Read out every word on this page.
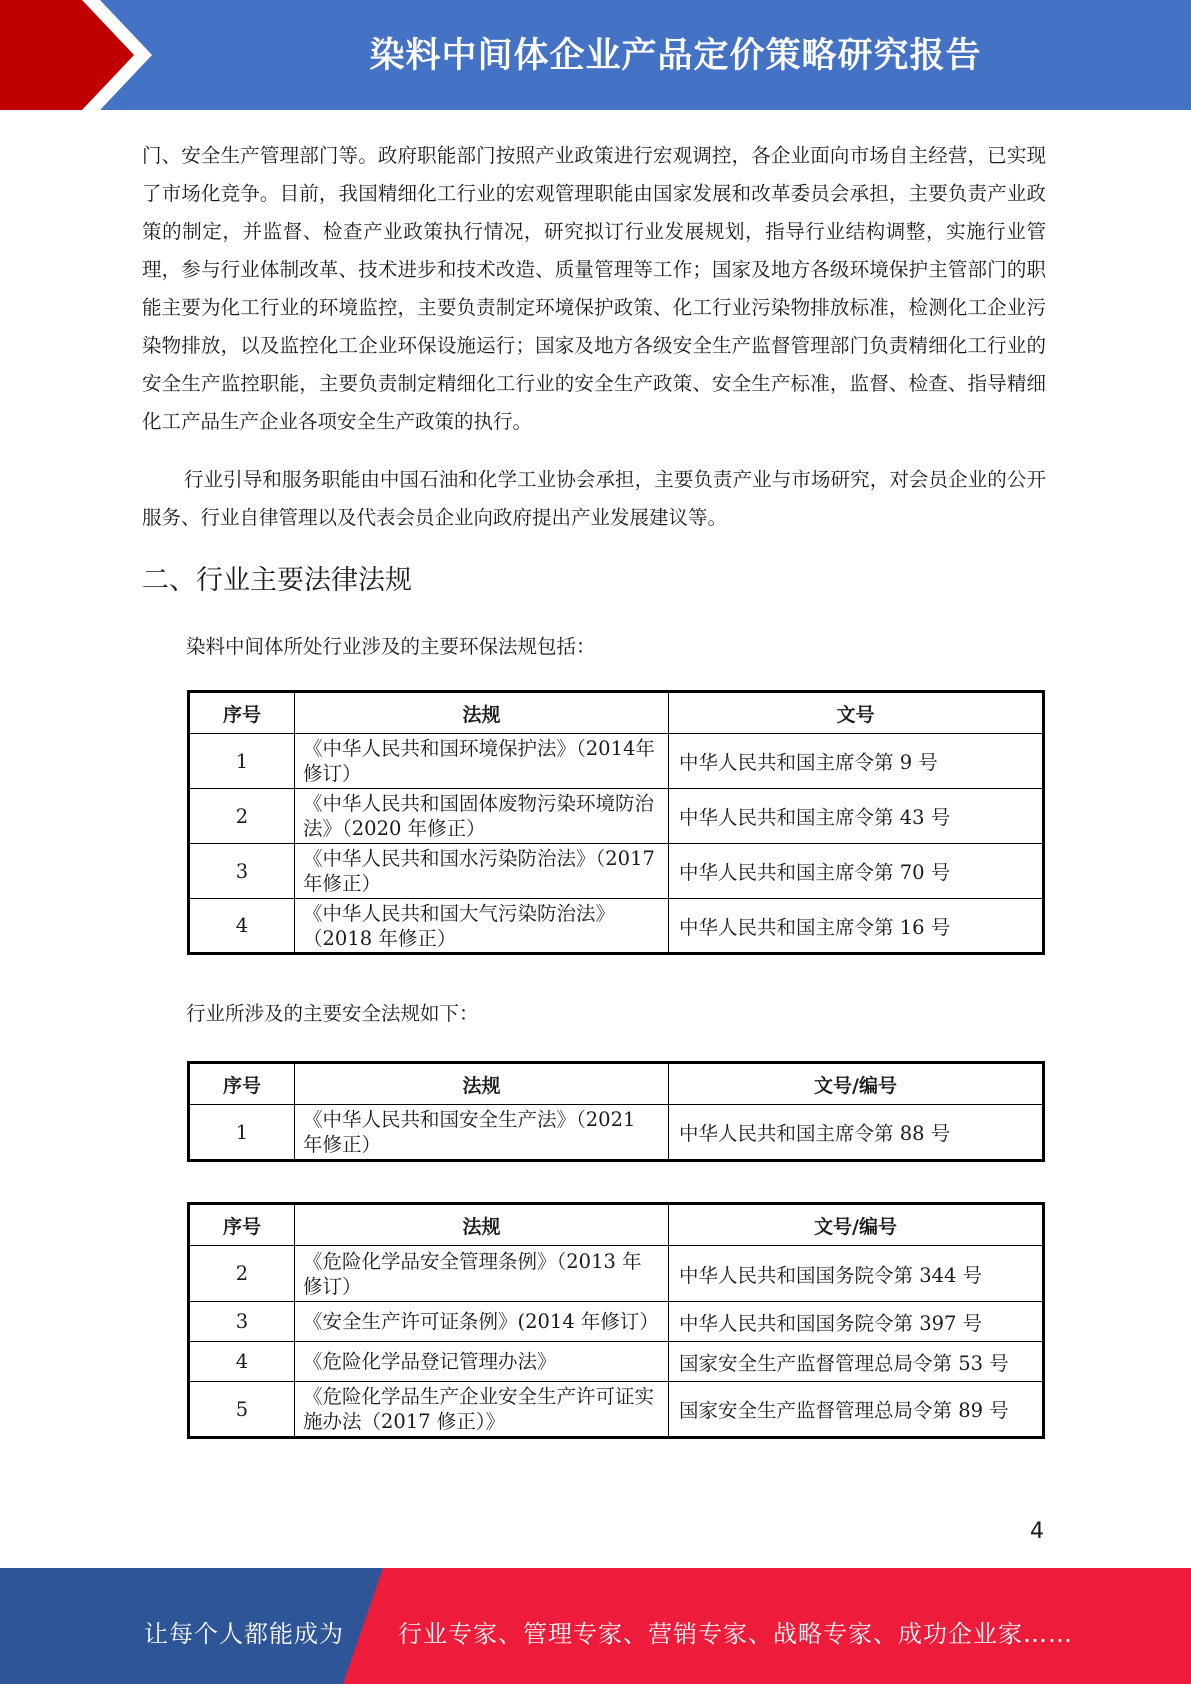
染料中间体企业产品定价策略研究报告

门、安全生产管理部门等。政府职能部门按照产业政策进行宏观调控，各企业面向市场自主经营，已实现了市场化竞争。目前，我国精细化工行业的宏观管理职能由国家发展和改革委员会承担，主要负责产业政策的制定，并监督、检查产业政策执行情况，研究拟订行业发展规划，指导行业结构调整，实施行业管理，参与行业体制改革、技术进步和技术改造、质量管理等工作；国家及地方各级环境保护主管部门的职能主要为化工行业的环境监控，主要负责制定环境保护政策、化工行业污染物排放标准，检测化工企业污染物排放，以及监控化工企业环保设施运行；国家及地方各级安全生产监督管理部门负责精细化工行业的安全生产监控职能，主要负责制定精细化工行业的安全生产政策、安全生产标准，监督、检查、指导精细化工产品生产企业各项安全生产政策的执行。

行业引导和服务职能由中国石油和化学工业协会承担，主要负责产业与市场研究，对会员企业的公开服务、行业自律管理以及代表会员企业向政府提出产业发展建议等。

二、行业主要法律法规

染料中间体所处行业涉及的主要环保法规包括：

序号	法规	文号
1	《中华人民共和国环境保护法》（2014年修订）	中华人民共和国主席令第 9 号
2	《中华人民共和国固体废物污染环境防治法》（2020 年修正）	中华人民共和国主席令第 43 号
3	《中华人民共和国水污染防治法》（2017 年修正）	中华人民共和国主席令第 70 号
4	《中华人民共和国大气污染防治法》（2018 年修正）	中华人民共和国主席令第 16 号

行业所涉及的主要安全法规如下：

序号	法规	文号/编号
1	《中华人民共和国安全生产法》（2021 年修正）	中华人民共和国主席令第 88 号
序号	法规	文号/编号
2	《危险化学品安全管理条例》（2013 年修订）	中华人民共和国国务院令第 344 号
3	《安全生产许可证条例》(2014 年修订）	中华人民共和国国务院令第 397 号
4	《危险化学品登记管理办法》	国家安全生产监督管理总局令第 53 号
5	《危险化学品生产企业安全生产许可证实施办法（2017 修正）》	国家安全生产监督管理总局令第 89 号
4
让每个人都能成为 行业专家、管理专家、营销专家、战略专家、成功企业家……
